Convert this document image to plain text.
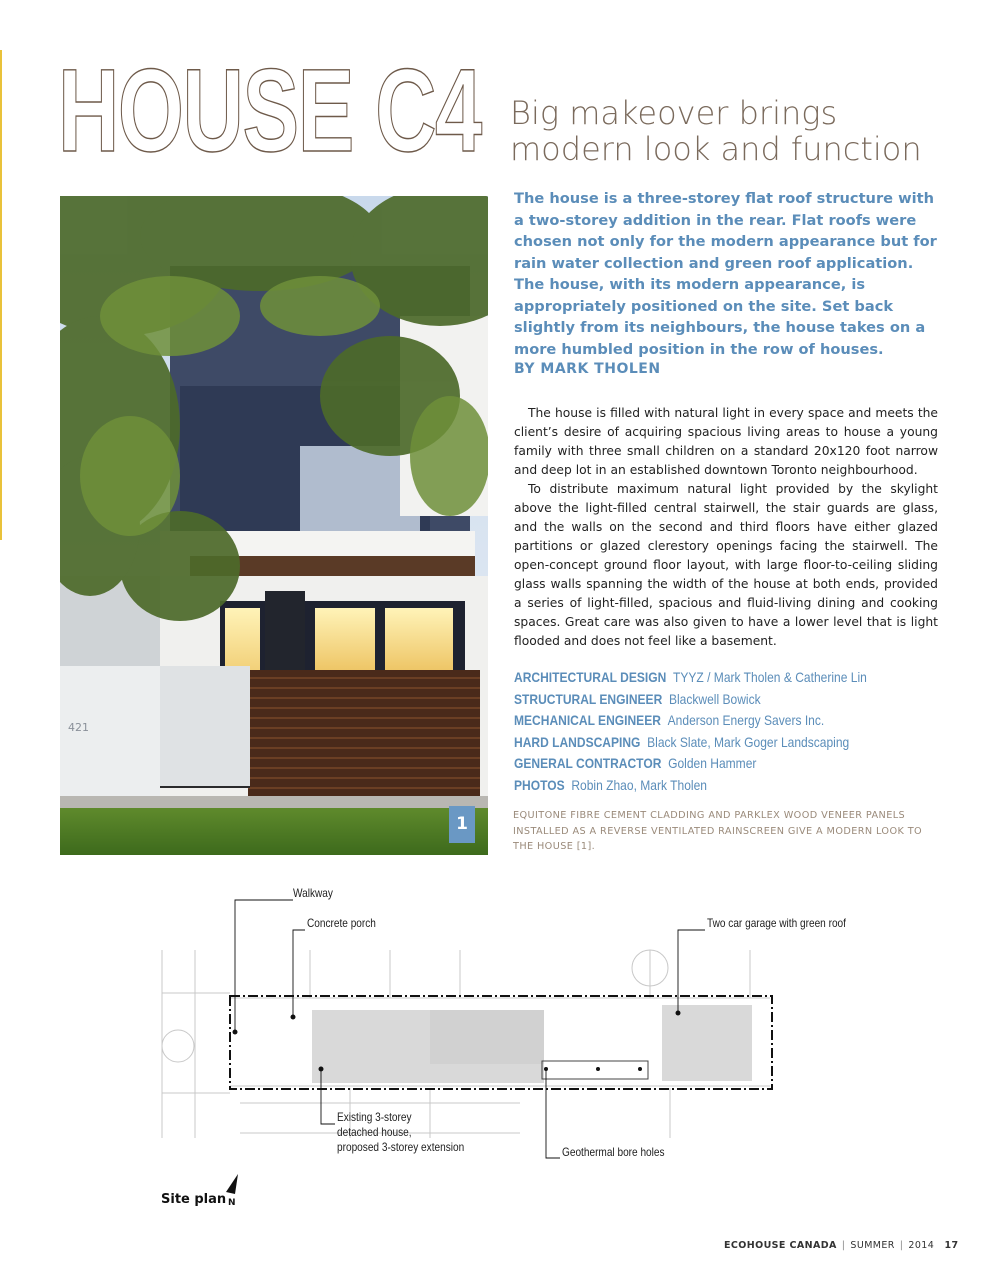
HOUSE C4 Big makeover brings
modern look and function

The house is a three-storey flat roof structure with a two-storey addition in the rear. Flat roofs were chosen not only for the modern appearance but for rain water collection and green roof application. The house, with its modern appearance, is appropriately positioned on the site. Set back slightly from its neighbours, the house takes on a more humbled position in the row of houses.

BY MARK THOLEN

The house is filled with natural light in every space and meets the client’s desire of acquiring spacious living areas to house a young family with three small children on a standard 20x120 foot narrow and deep lot in an established downtown Toronto neighbourhood.

To distribute maximum natural light provided by the skylight above the light-filled central stairwell, the stair guards are glass, and the walls on the second and third floors have either glazed partitions or glazed clerestory openings facing the stairwell. The open-concept ground floor layout, with large floor-to-ceiling sliding glass walls spanning the width of the house at both ends, provided a series of light-filled, spacious and fluid-living dining and cooking spaces. Great care was also given to have a lower level that is light flooded and does not feel like a basement.

ARCHITECTURAL DESIGN TYYZ / Mark Tholen & Catherine Lin
STRUCTURAL ENGINEER Blackwell Bowick
MECHANICAL ENGINEER Anderson Energy Savers Inc.
HARD LANDSCAPING Black Slate, Mark Goger Landscaping
GENERAL CONTRACTOR Golden Hammer
PHOTOS Robin Zhao, Mark Tholen
EQUITONE FIBRE CEMENT CLADDING AND PARKLEX WOOD VENEER PANELS INSTALLED AS A REVERSE VENTILATED RAINSCREEN GIVE A MODERN LOOK TO THE HOUSE [1].
421
1
Walkway
Concrete porch	Two car garage with green roof
Existing 3-storey
detached house,
proposed 3-storey extension	Geothermal bore holes
Site plan N
ECOHOUSE CANADA | SUMMER | 2014 17
